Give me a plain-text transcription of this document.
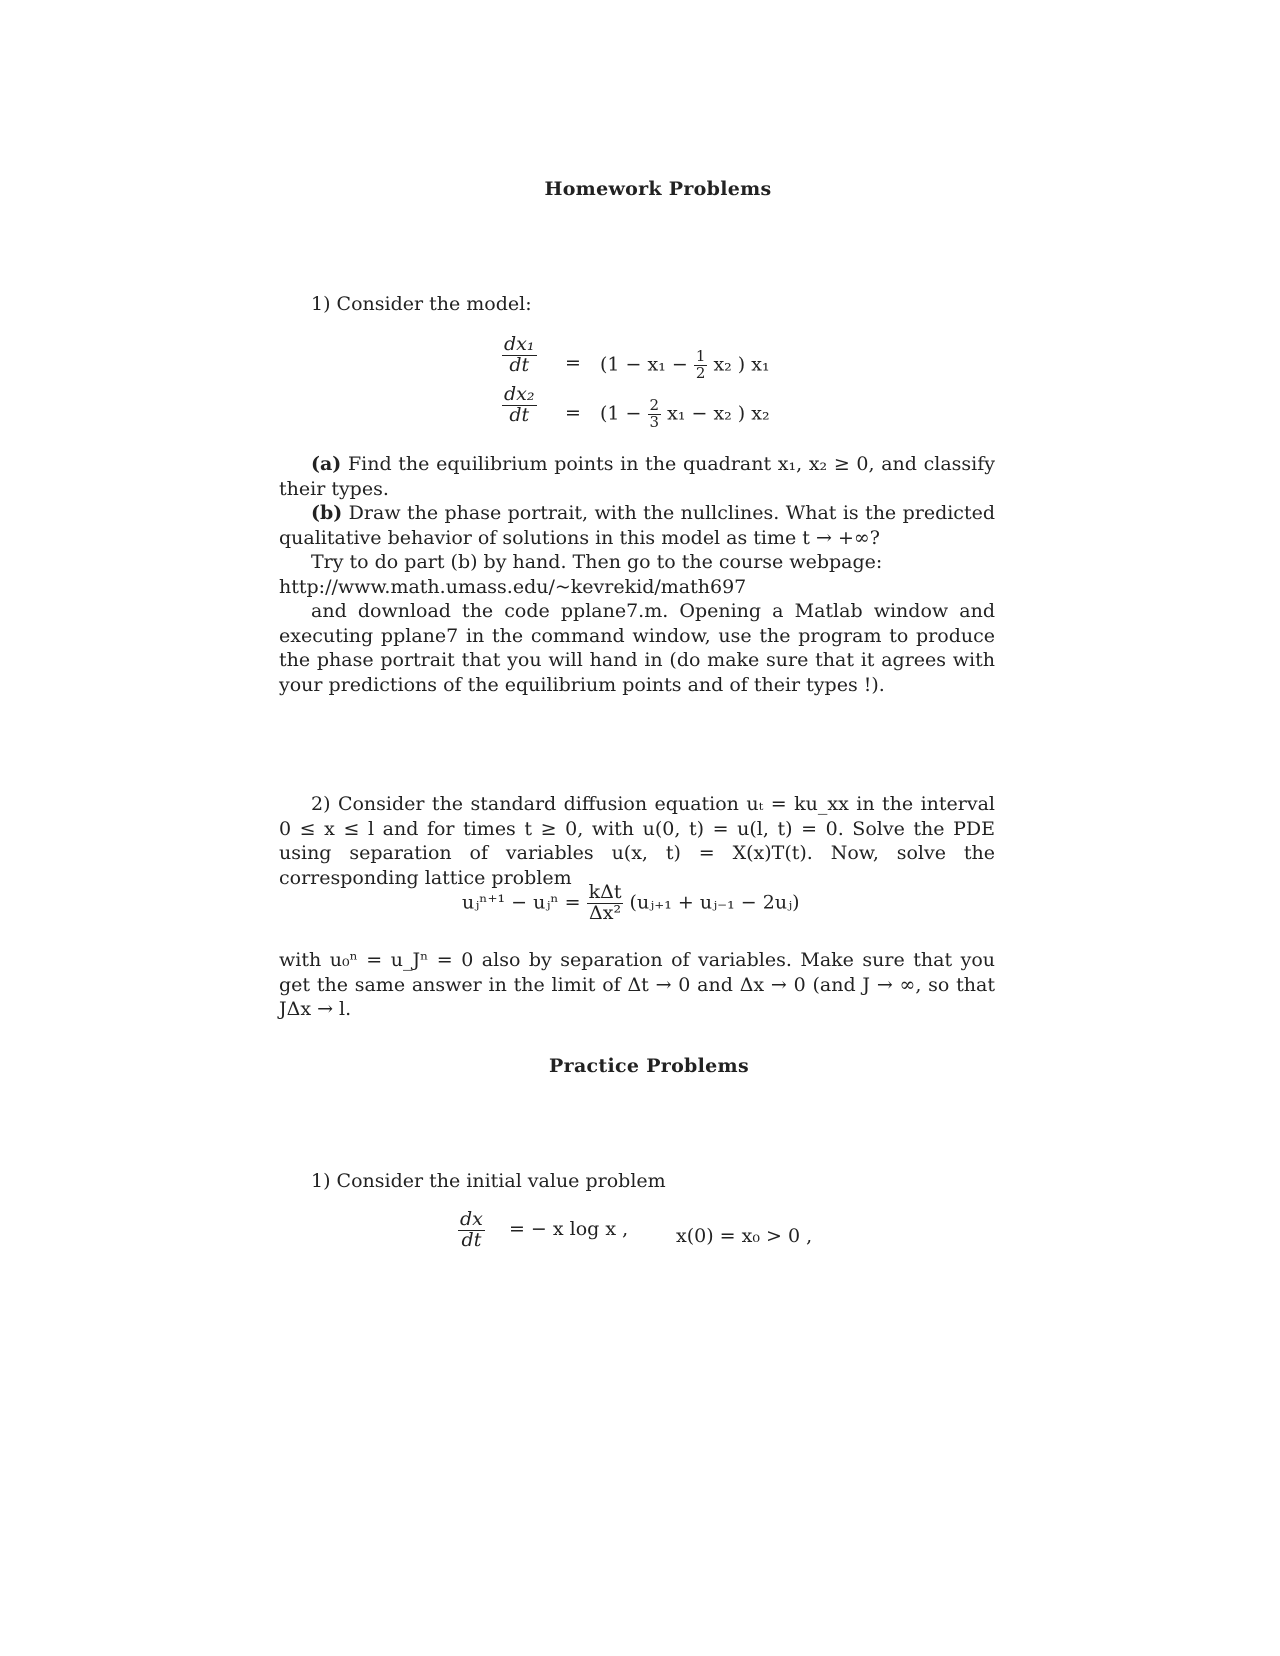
Homework Problems
1) Consider the model:
$\frac{\text{dx₁}}{dt} = (1 - x_1 - \frac{1}{2} x_2$ ) x₁
$\frac{\text{dx₂}}{dt} = (1 - \frac{2}{3} x_1 - x_2$ ) x₂
(a) Find the equilibrium points in the quadrant x₁, x₂ ≥ 0, and classify their types.
(b) Draw the phase portrait, with the nullclines. What is the predicted qualitative behavior of solutions in this model as time t → +∞?
Try to do part (b) by hand. Then go to the course webpage:
http://www.math.umass.edu/~kevrekid/math697
and download the code pplane7.m. Opening a Matlab window and executing pplane7 in the command window, use the program to produce the phase portrait that you will hand in (do make sure that it agrees with your predictions of the equilibrium points and of their types !).
2) Consider the standard diffusion equation uₜ = ku_xx in the interval 0 ≤ x ≤ l and for times t ≥ 0, with u(0, t) = u(l, t) = 0. Solve the PDE using separation of variables u(x, t) = X(x)T(t). Now, solve the corresponding lattice problem
uⱼⁿ⁺¹ − uⱼⁿ = $\frac{\text{kΔt}}{\text{Δx²}}$ (uⱼ₊₁ + uⱼ₋₁ − 2uⱼ)
with u₀ⁿ = u_Jⁿ = 0 also by separation of variables. Make sure that you get the same answer in the limit of Δt → 0 and Δx → 0 (and J → ∞, so that JΔx → l.
Practice Problems
1) Consider the initial value problem
$\frac{dx}{dt}$ = − x log x ,	x(0) = x₀ > 0 ,
